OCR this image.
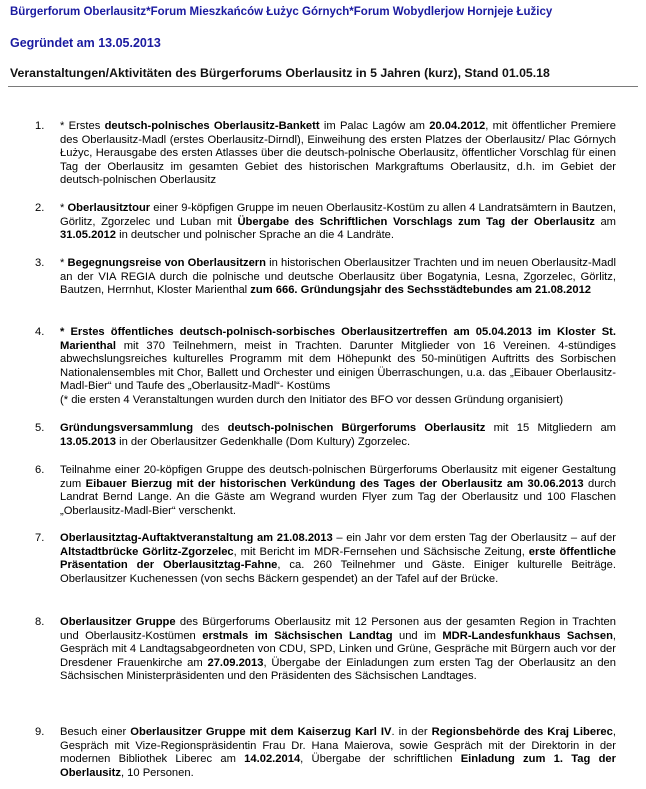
Bürgerforum Oberlausitz*Forum Mieszkańców Łużyc Górnych*Forum Wobydlerjow Hornjeje Łužicy
Gegründet am 13.05.2013
Veranstaltungen/Aktivitäten des Bürgerforums Oberlausitz in 5 Jahren (kurz), Stand 01.05.18
1.	* Erstes deutsch-polnisches Oberlausitz-Bankett im Palac Lagów am 20.04.2012, mit öffentlicher Premiere des Oberlausitz-Madl (erstes Oberlausitz-Dirndl), Einweihung des ersten Platzes der Oberlausitz/ Plac Górnych Łużyc, Herausgabe des ersten Atlasses über die deutsch-polnische Oberlausitz, öffentlicher Vorschlag für einen Tag der Oberlausitz im gesamten Gebiet des historischen Markgraftums Oberlausitz, d.h. im Gebiet der deutsch-polnischen Oberlausitz
2.	* Oberlausitztour einer 9-köpfigen Gruppe im neuen Oberlausitz-Kostüm zu allen 4 Landratsämtern in Bautzen, Görlitz, Zgorzelec und Luban mit Übergabe des Schriftlichen Vorschlags zum Tag der Oberlausitz am 31.05.2012 in deutscher und polnischer Sprache an die 4 Landräte.
3.	* Begegnungsreise von Oberlausitzern in historischen Oberlausitzer Trachten und im neuen Oberlausitz-Madl an der VIA REGIA durch die polnische und deutsche Oberlausitz über Bogatynia, Lesna, Zgorzelec, Görlitz, Bautzen, Herrnhut, Kloster Marienthal zum 666. Gründungsjahr des Sechsstädtebundes am 21.08.2012
4.	* Erstes öffentliches deutsch-polnisch-sorbisches Oberlausitzertreffen am 05.04.2013 im Kloster St. Marienthal mit 370 Teilnehmern, meist in Trachten. Darunter Mitglieder von 16 Vereinen. 4-stündiges abwechslungsreiches kulturelles Programm mit dem Höhepunkt des 50-minütigen Auftritts des Sorbischen Nationalensembles mit Chor, Ballett und Orchester und einigen Überraschungen, u.a. das „Eibauer Oberlausitz-Madl-Bier“ und Taufe des „Oberlausitz-Madl“- Kostüms
(* die ersten 4 Veranstaltungen wurden durch den Initiator des BFO vor dessen Gründung organisiert)
5.	Gründungsversammlung des deutsch-polnischen Bürgerforums Oberlausitz mit 15 Mitgliedern am 13.05.2013 in der Oberlausitzer Gedenkhalle (Dom Kultury) Zgorzelec.
6.	Teilnahme einer 20-köpfigen Gruppe des deutsch-polnischen Bürgerforums Oberlausitz mit eigener Gestaltung zum Eibauer Bierzug mit der historischen Verkündung des Tages der Oberlausitz am 30.06.2013 durch Landrat Bernd Lange. An die Gäste am Wegrand wurden Flyer zum Tag der Oberlausitz und 100 Flaschen „Oberlausitz-Madl-Bier“ verschenkt.
7.	Oberlausitztag-Auftaktveranstaltung am 21.08.2013 – ein Jahr vor dem ersten Tag der Oberlausitz – auf der Altstadtbrücke Görlitz-Zgorzelec, mit Bericht im MDR-Fernsehen und Sächsische Zeitung, erste öffentliche Präsentation der Oberlausitztag-Fahne, ca. 260 Teilnehmer und Gäste. Einiger kulturelle Beiträge. Oberlausitzer Kuchenessen (von sechs Bäckern gespendet) an der Tafel auf der Brücke.
8.	Oberlausitzer Gruppe des Bürgerforums Oberlausitz mit 12 Personen aus der gesamten Region in Trachten und Oberlausitz-Kostümen erstmals im Sächsischen Landtag und im MDR-Landesfunkhaus Sachsen, Gespräch mit 4 Landtagsabgeordneten von CDU, SPD, Linken und Grüne, Gespräche mit Bürgern auch vor der Dresdener Frauenkirche am 27.09.2013, Übergabe der Einladungen zum ersten Tag der Oberlausitz an den Sächsischen Ministerpräsidenten und den Präsidenten des Sächsischen Landtages.
9.	Besuch einer Oberlausitzer Gruppe mit dem Kaiserzug Karl IV. in der Regionsbehörde des Kraj Liberec, Gespräch mit Vize-Regionspräsidentin Frau Dr. Hana Maierova, sowie Gespräch mit der Direktorin in der modernen Bibliothek Liberec am 14.02.2014, Übergabe der schriftlichen Einladung zum 1. Tag der Oberlausitz, 10 Personen.
